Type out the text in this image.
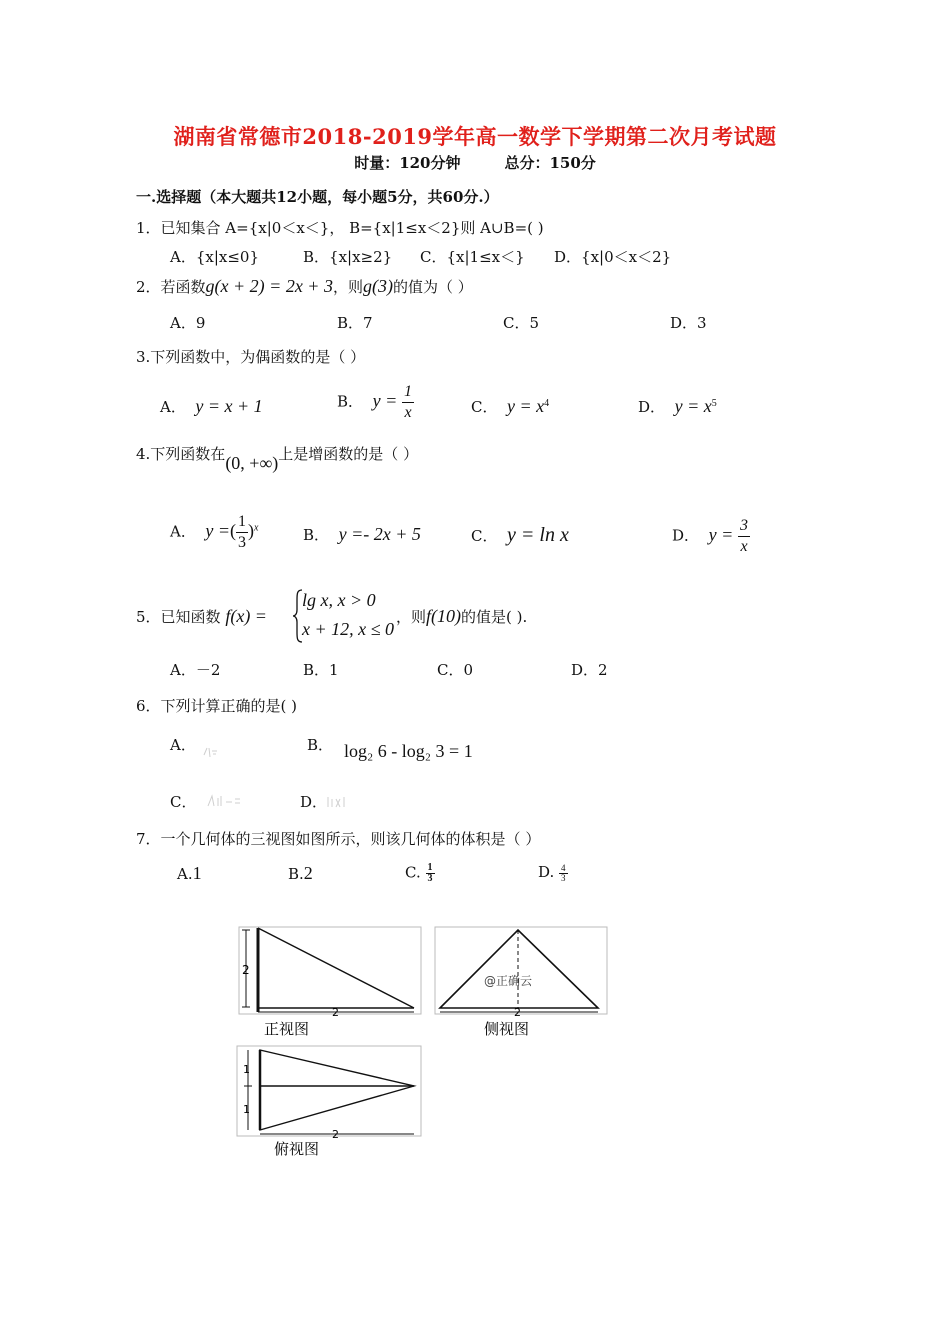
湖南省常德市2018-2019学年高一数学下学期第二次月考试题
时量：120分钟	总分：150分
一.选择题（本大题共12小题，每小题5分，共60分.）
1．已知集合 A={x|0＜x＜}， B={x|1≤x＜2}则 A∪B=( )
A．{x|x≤0}	B．{x|x≥2} C．{x|1≤x＜} D．{x|0＜x＜2}
2．若函数g(x + 2) = 2x + 3，则g(3)的值为（ ）
A．9	B．7	C．5	D．3
3.下列函数中，为偶函数的是（ ）
A． y = x + 1	B． $y = \frac{1}{x}$	C． $y = x^4$	D． $y = x^5$
4.下列函数在(0, +∞)上是增函数的是（ ）
A． y =( $\frac{1}{3} )^x$	B． y =- 2x + 5	C． y = ln x	D． $y = \frac{3}{x}$
5．已知函数 f(x) =
lg x, x > 0
x + 12, x ≤ 0
，则f(10)的值是( ).
A．－2	B．1	C．0	D．2
6．下列计算正确的是( )
A．	B． log₂ 6 - log₂ 3 = 1
C．	D．
7．一个几何体的三视图如图所示，则该几何体的体积是（ ）
A.1	B.2	C. $\frac{1}{3}$	D. $\frac{4}{3}$
2
2
正视图
2
@正确云
侧视图
1
1
2
俯视图
